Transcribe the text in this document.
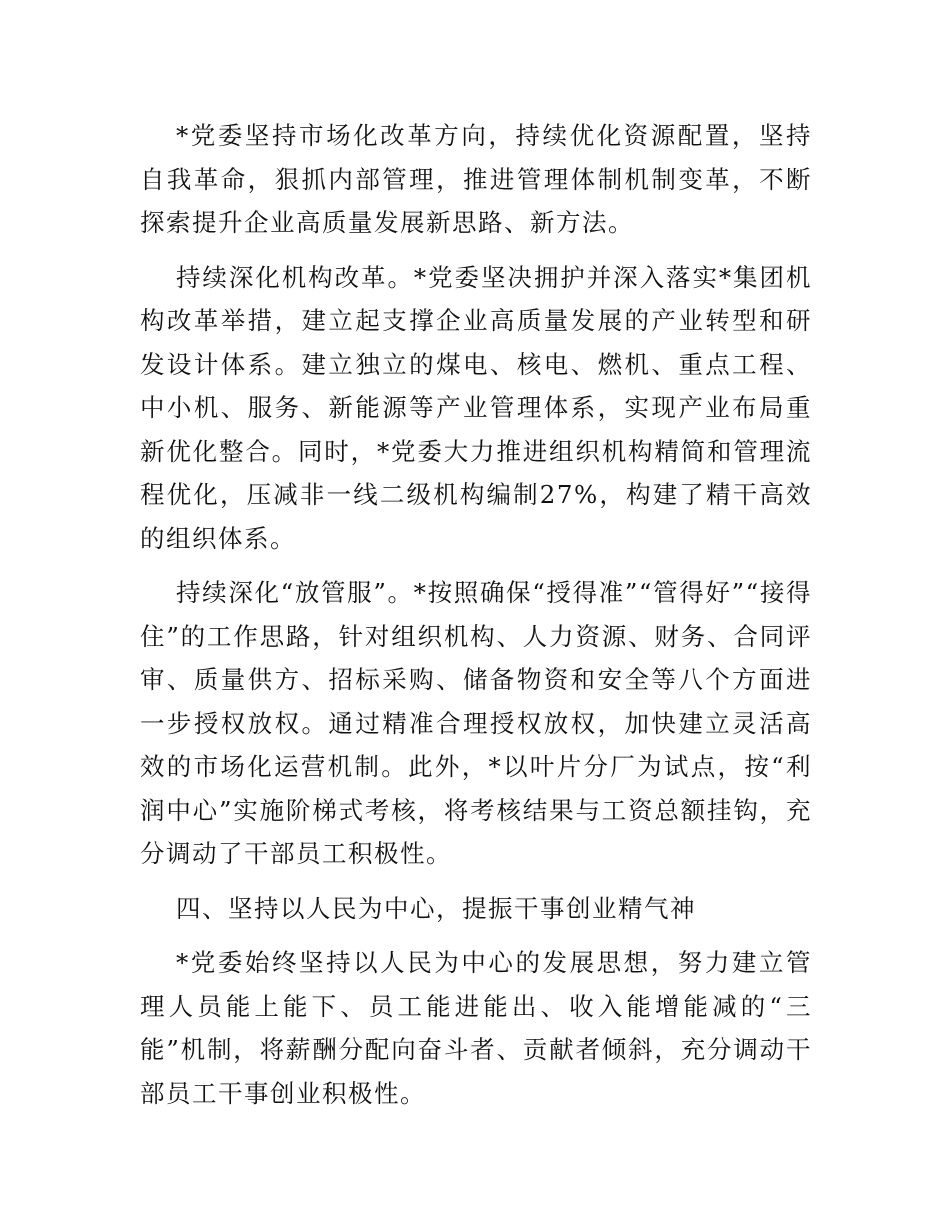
*党委坚持市场化改革方向，持续优化资源配置，坚持自我革命，狠抓内部管理，推进管理体制机制变革，不断探索提升企业高质量发展新思路、新方法。

持续深化机构改革。*党委坚决拥护并深入落实*集团机构改革举措，建立起支撑企业高质量发展的产业转型和研发设计体系。建立独立的煤电、核电、燃机、重点工程、中小机、服务、新能源等产业管理体系，实现产业布局重新优化整合。同时，*党委大力推进组织机构精简和管理流程优化，压减非一线二级机构编制27%，构建了精干高效的组织体系。

持续深化“放管服”。*按照确保“授得准”“管得好”“接得住”的工作思路，针对组织机构、人力资源、财务、合同评审、质量供方、招标采购、储备物资和安全等八个方面进一步授权放权。通过精准合理授权放权，加快建立灵活高效的市场化运营机制。此外，*以叶片分厂为试点，按“利润中心”实施阶梯式考核，将考核结果与工资总额挂钩，充分调动了干部员工积极性。

四、坚持以人民为中心，提振干事创业精气神

*党委始终坚持以人民为中心的发展思想，努力建立管理人员能上能下、员工能进能出、收入能增能减的“三能”机制，将薪酬分配向奋斗者、贡献者倾斜，充分调动干部员工干事创业积极性。
